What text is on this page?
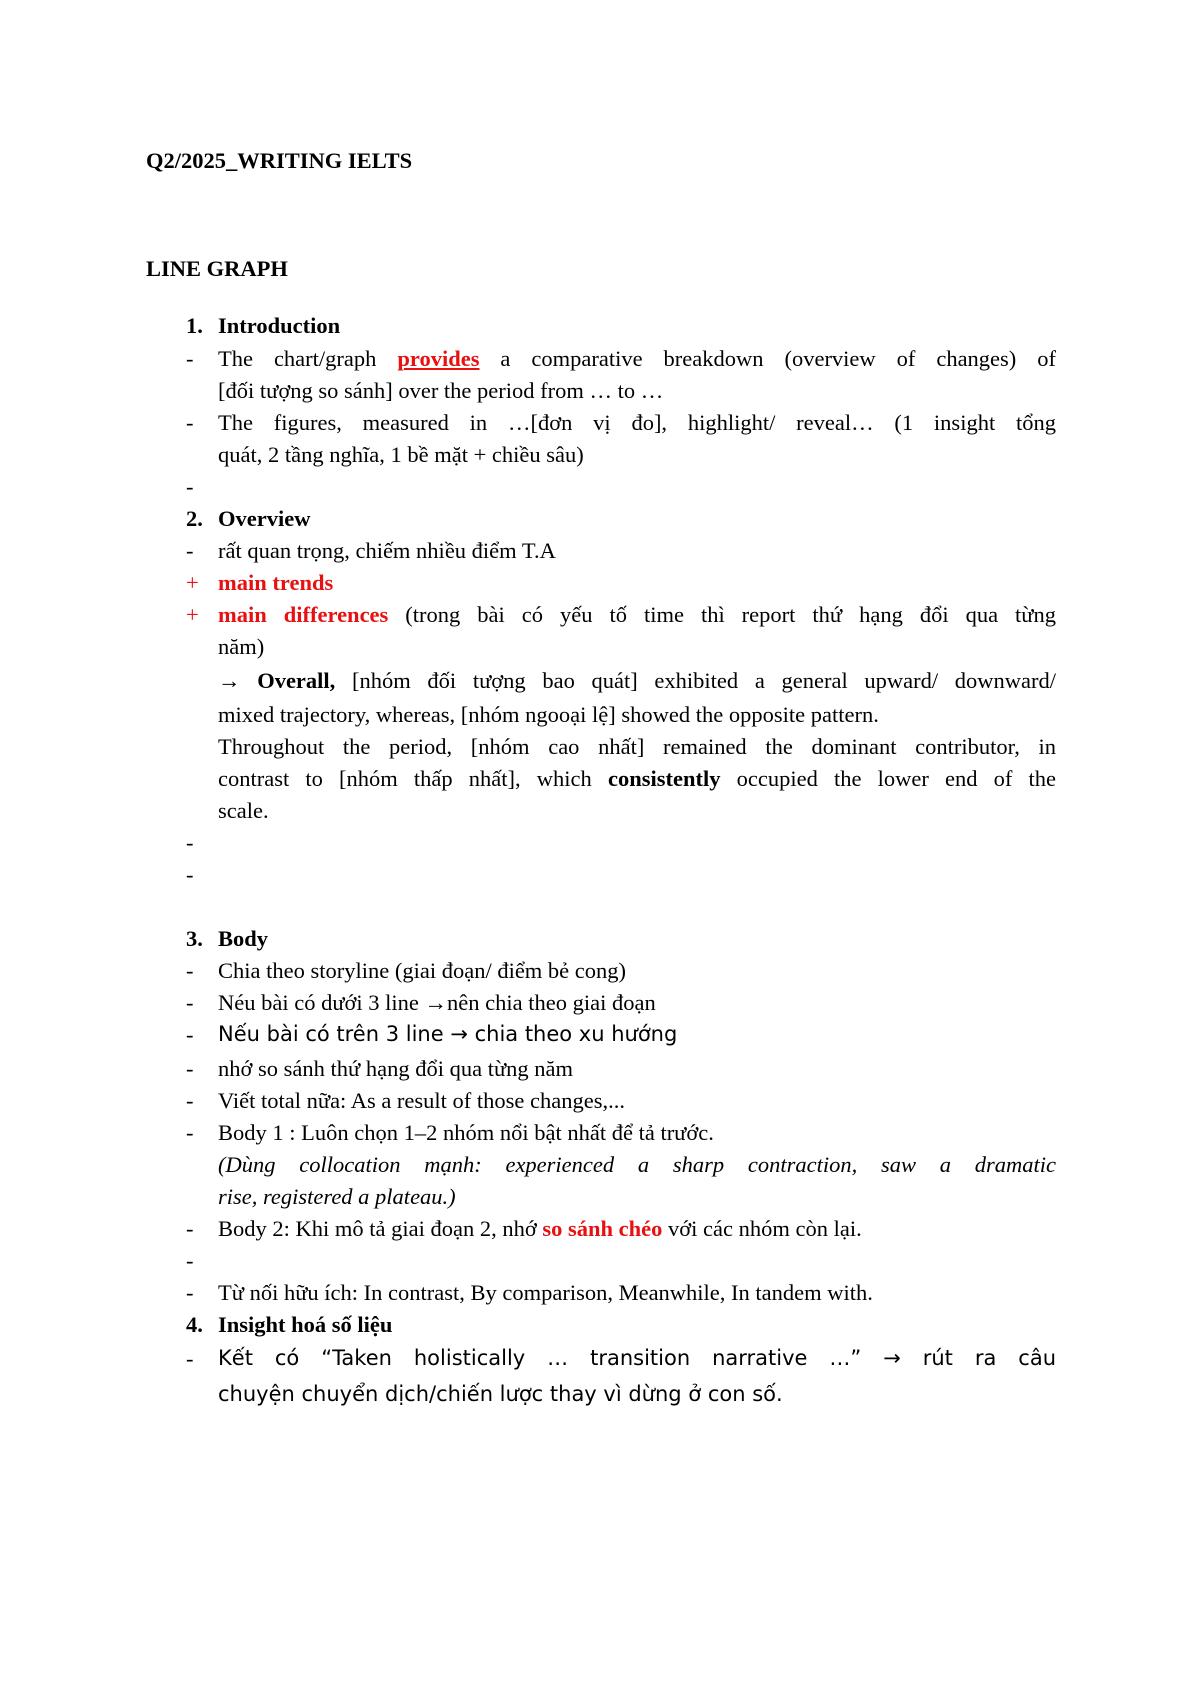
Q2/2025_WRITING IELTS
LINE GRAPH
1. Introduction
-	The chart/graph provides a comparative breakdown (overview of changes) of
[đối tượng so sánh] over the period from … to …
-	The figures, measured in …[đơn vị đo], highlight/ reveal… (1 insight tổng
quát, 2 tầng nghĩa, 1 bề mặt + chiều sâu)
-
2. Overview
-	rất quan trọng, chiếm nhiều điểm T.A
+ main trends
+ main differences (trong bài có yếu tố time thì report thứ hạng đổi qua từng
năm)
→ Overall, [nhóm đối tượng bao quát] exhibited a general upward/ downward/
mixed trajectory, whereas, [nhóm ngooại lệ] showed the opposite pattern.
Throughout the period, [nhóm cao nhất] remained the dominant contributor, in
contrast to [nhóm thấp nhất], which consistently occupied the lower end of the
scale.
-
-
3. Body
-	Chia theo storyline (giai đoạn/ điểm bẻ cong)
-	Néu bài có dưới 3 line →nên chia theo giai đoạn
-	Nếu bài có trên 3 line → chia theo xu hướng
-	nhớ so sánh thứ hạng đổi qua từng năm
-	Viết total nữa: As a result of those changes,...
-	Body 1 : Luôn chọn 1–2 nhóm nổi bật nhất để tả trước.
(Dùng collocation mạnh: experienced a sharp contraction, saw a dramatic
rise, registered a plateau.)
-	Body 2: Khi mô tả giai đoạn 2, nhớ so sánh chéo với các nhóm còn lại.
-
-	Từ nối hữu ích: In contrast, By comparison, Meanwhile, In tandem with.
4. Insight hoá số liệu
-	Kết có “Taken holistically … transition narrative …” → rút ra câu
chuyện chuyển dịch/chiến lược thay vì dừng ở con số.
